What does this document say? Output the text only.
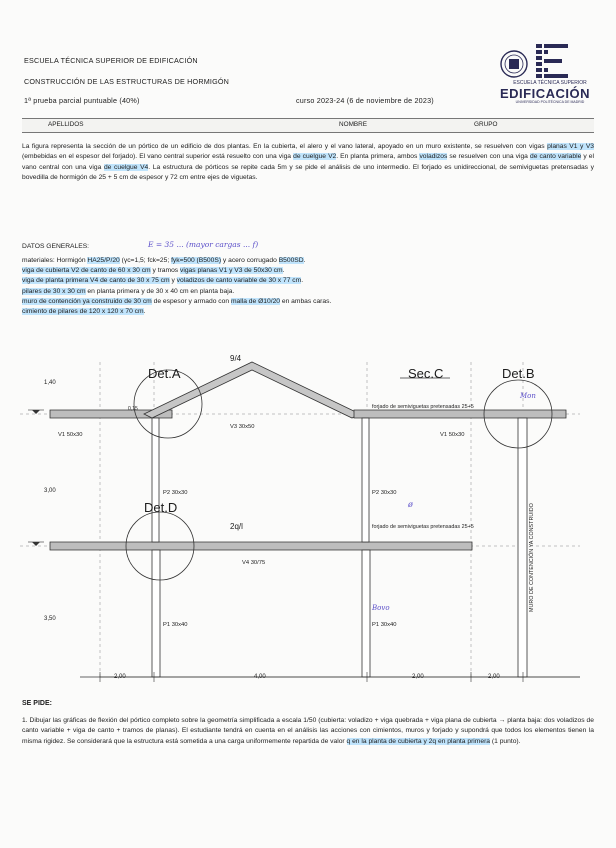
ESCUELA TÉCNICA SUPERIOR DE EDIFICACIÓN
CONSTRUCCIÓN DE LAS ESTRUCTURAS DE HORMIGÓN
1ª prueba parcial puntuable (40%)	curso 2023-24 (6 de noviembre de 2023)
ESCUELA TÉCNICA SUPERIOR
EDIFICACIÓN
UNIVERSIDAD POLITÉCNICA DE MADRID
APELLIDOS	NOMBRE	GRUPO
La figura representa la sección de un pórtico de un edificio de dos plantas. En la cubierta, el alero y el vano lateral, apoyado en un muro existente, se resuelven con vigas planas V1 y V3 (embebidas en el espesor del forjado). El vano central superior está resuelto con una viga de cuelgue V2. En planta primera, ambos voladizos se resuelven con una viga de canto variable y el vano central con una viga de cuelgue V4. La estructura de pórticos se repite cada 5m y se pide el análisis de uno intermedio. El forjado es unidireccional, de semiviguetas pretensadas y bovedilla de hormigón de 25 + 5 cm de espesor y 72 cm entre ejes de viguetas.
DATOS GENERALES:	E = 35 ... (mayor cargas ... f)
materiales: Hormigón HA25/P/20 (γc=1,5; fck=25; fyk=500 (B500S) y acero corrugado B500SD.
viga de cubierta V2 de canto de 60 x 30 cm y tramos vigas planas V1 y V3 de 50x30 cm.
viga de planta primera V4 de canto de 30 x 75 cm y voladizos de canto variable de 30 x 77 cm.
pilares de 30 x 30 cm en planta primera y de 30 x 40 cm en planta baja.
muro de contención ya construido de 30 cm de espesor y armado con malla de Ø10/20 en ambas caras.
cimiento de pilares de 120 x 120 x 70 cm.
Det.A	Det.B
Det.D
Sec.C
9/4
2q/l
V3 30x50
V1 50x30	V1 50x30
V4 30/75
P2 30x30	P2 30x30
P1 30x40	P1 30x40
forjado de semiviguetas pretensadas 25+5
forjado de semiviguetas pretensadas 25+5	MURO DE CONTENCIÓN YA CONSTRUIDO
1,40
3,00
3,50
0,15
2,00	4,00	2,00	2,00
Mon
ø
Bovo
SE PIDE:
1. Dibujar las gráficas de flexión del pórtico completo sobre la geometría simplificada a escala 1/50 (cubierta: voladizo + viga quebrada + viga plana de cubierta → planta baja: dos voladizos de canto variable + viga de canto + tramos de planas). El estudiante tendrá en cuenta en el análisis las acciones con cimientos, muros y forjado y supondrá que todos los elementos tienen la misma rigidez. Se considerará que la estructura está sometida a una carga uniformemente repartida de valor q en la planta de cubierta y 2q en planta primera (1 punto).
